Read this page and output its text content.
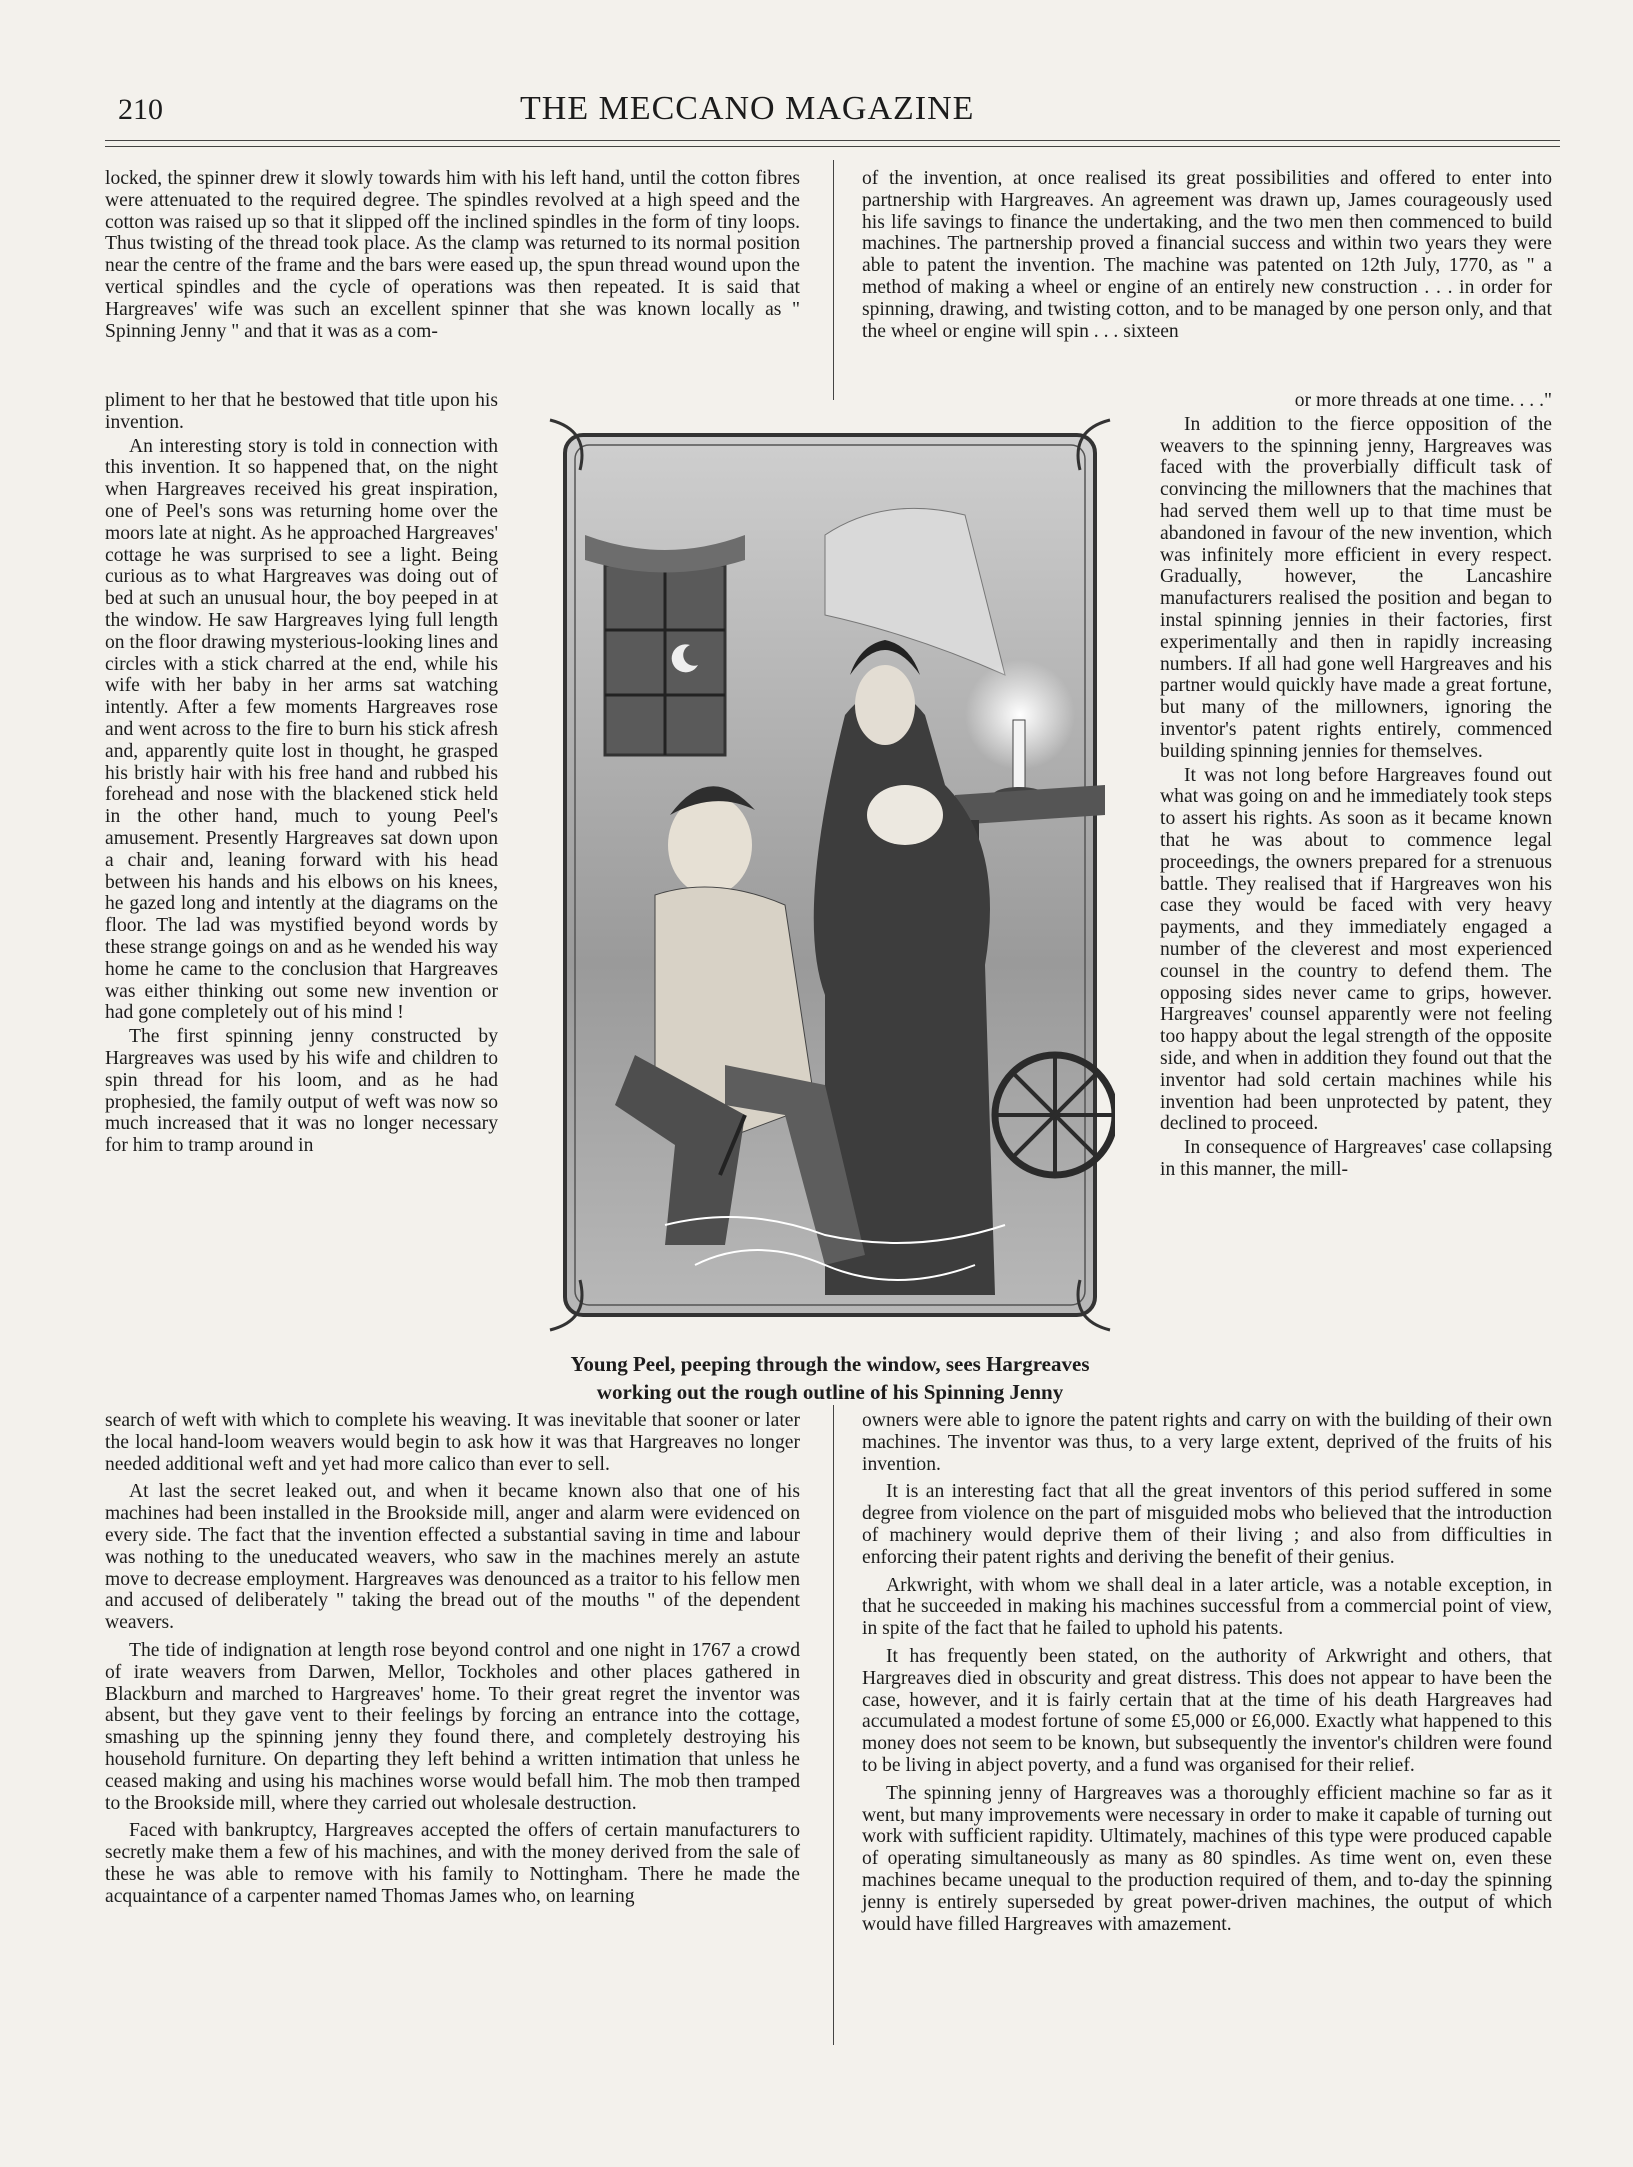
210	THE MECCANO MAGAZINE

locked, the spinner drew it slowly towards him with his left hand, until the cotton fibres were attenuated to the required degree. The spindles revolved at a high speed and the cotton was raised up so that it slipped off the inclined spindles in the form of tiny loops. Thus twisting of the thread took place. As the clamp was returned to its normal position near the centre of the frame and the bars were eased up, the spun thread wound upon the vertical spindles and the cycle of operations was then repeated. It is said that Hargreaves' wife was such an excellent spinner that she was known locally as " Spinning Jenny " and that it was as a com-

pliment to her that he bestowed that title upon his invention.

An interesting story is told in connection with this invention. It so happened that, on the night when Hargreaves received his great inspiration, one of Peel's sons was returning home over the moors late at night. As he approached Hargreaves' cottage he was surprised to see a light. Being curious as to what Hargreaves was doing out of bed at such an unusual hour, the boy peeped in at the window. He saw Hargreaves lying full length on the floor drawing mysterious-looking lines and circles with a stick charred at the end, while his wife with her baby in her arms sat watching intently. After a few moments Hargreaves rose and went across to the fire to burn his stick afresh and, apparently quite lost in thought, he grasped his bristly hair with his free hand and rubbed his forehead and nose with the blackened stick held in the other hand, much to young Peel's amusement. Presently Hargreaves sat down upon a chair and, leaning forward with his head between his hands and his elbows on his knees, he gazed long and intently at the diagrams on the floor. The lad was mystified beyond words by these strange goings on and as he wended his way home he came to the conclusion that Hargreaves was either thinking out some new invention or had gone completely out of his mind !

The first spinning jenny constructed by Hargreaves was used by his wife and children to spin thread for his loom, and as he had prophesied, the family output of weft was now so much increased that it was no longer necessary for him to tramp around in

search of weft with which to complete his weaving. It was inevitable that sooner or later the local hand-loom weavers would begin to ask how it was that Hargreaves no longer needed additional weft and yet had more calico than ever to sell.

At last the secret leaked out, and when it became known also that one of his machines had been installed in the Brookside mill, anger and alarm were evidenced on every side. The fact that the invention effected a substantial saving in time and labour was nothing to the uneducated weavers, who saw in the machines merely an astute move to decrease employment. Hargreaves was denounced as a traitor to his fellow men and accused of deliberately " taking the bread out of the mouths " of the dependent weavers.

The tide of indignation at length rose beyond control and one night in 1767 a crowd of irate weavers from Darwen, Mellor, Tockholes and other places gathered in Blackburn and marched to Hargreaves' home. To their great regret the inventor was absent, but they gave vent to their feelings by forcing an entrance into the cottage, smashing up the spinning jenny they found there, and completely destroying his household furniture. On departing they left behind a written intimation that unless he ceased making and using his machines worse would befall him. The mob then tramped to the Brookside mill, where they carried out wholesale destruction.

Faced with bankruptcy, Hargreaves accepted the offers of certain manufacturers to secretly make them a few of his machines, and with the money derived from the sale of these he was able to remove with his family to Nottingham. There he made the acquaintance of a carpenter named Thomas James who, on learning

of the invention, at once realised its great possibilities and offered to enter into partnership with Hargreaves. An agreement was drawn up, James courageously used his life savings to finance the undertaking, and the two men then commenced to build machines. The partnership proved a financial success and within two years they were able to patent the invention. The machine was patented on 12th July, 1770, as " a method of making a wheel or engine of an entirely new construction . . . in order for spinning, drawing, and twisting cotton, and to be managed by one person only, and that the wheel or engine will spin . . . sixteen

or more threads at one time. . . ."

In addition to the fierce opposition of the weavers to the spinning jenny, Hargreaves was faced with the proverbially difficult task of convincing the millowners that the machines that had served them well up to that time must be abandoned in favour of the new invention, which was infinitely more efficient in every respect. Gradually, however, the Lancashire manufacturers realised the position and began to instal spinning jennies in their factories, first experimentally and then in rapidly increasing numbers. If all had gone well Hargreaves and his partner would quickly have made a great fortune, but many of the millowners, ignoring the inventor's patent rights entirely, commenced building spinning jennies for themselves.

It was not long before Hargreaves found out what was going on and he immediately took steps to assert his rights. As soon as it became known that he was about to commence legal proceedings, the owners prepared for a strenuous battle. They realised that if Hargreaves won his case they would be faced with very heavy payments, and they immediately engaged a number of the cleverest and most experienced counsel in the country to defend them. The opposing sides never came to grips, however. Hargreaves' counsel apparently were not feeling too happy about the legal strength of the opposite side, and when in addition they found out that the inventor had sold certain machines while his invention had been unprotected by patent, they declined to proceed.

In consequence of Hargreaves' case collapsing in this manner, the mill-

owners were able to ignore the patent rights and carry on with the building of their own machines. The inventor was thus, to a very large extent, deprived of the fruits of his invention.

It is an interesting fact that all the great inventors of this period suffered in some degree from violence on the part of misguided mobs who believed that the introduction of machinery would deprive them of their living ; and also from difficulties in enforcing their patent rights and deriving the benefit of their genius.

Arkwright, with whom we shall deal in a later article, was a notable exception, in that he succeeded in making his machines successful from a commercial point of view, in spite of the fact that he failed to uphold his patents.

It has frequently been stated, on the authority of Arkwright and others, that Hargreaves died in obscurity and great distress. This does not appear to have been the case, however, and it is fairly certain that at the time of his death Hargreaves had accumulated a modest fortune of some £5,000 or £6,000. Exactly what happened to this money does not seem to be known, but subsequently the inventor's children were found to be living in abject poverty, and a fund was organised for their relief.

The spinning jenny of Hargreaves was a thoroughly efficient machine so far as it went, but many improvements were necessary in order to make it capable of turning out work with sufficient rapidity. Ultimately, machines of this type were produced capable of operating simultaneously as many as 80 spindles. As time went on, even these machines became unequal to the production required of them, and to-day the spinning jenny is entirely superseded by great power-driven machines, the output of which would have filled Hargreaves with amazement.

Young Peel, peeping through the window, sees Hargreaves
working out the rough outline of his Spinning Jenny
